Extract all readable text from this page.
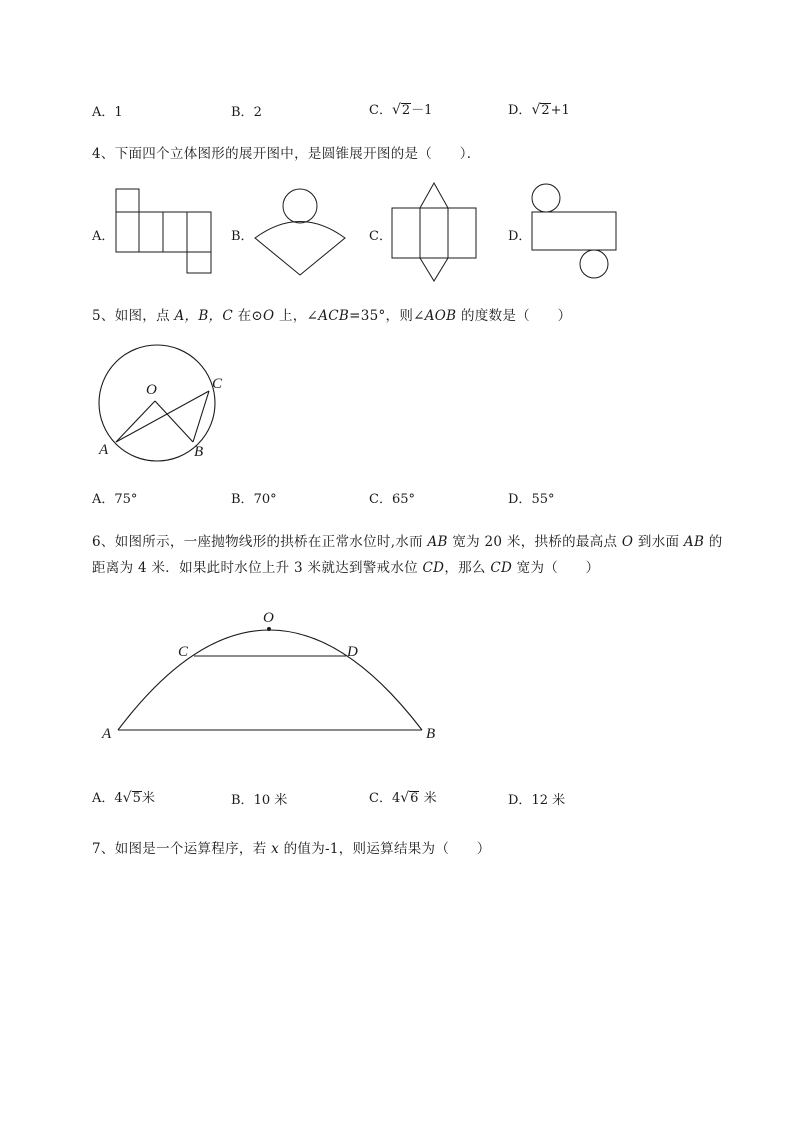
A．1	B．2	C．√2－1	D．√2+1
4、下面四个立体图形的展开图中，是圆锥展开图的是（　　）．
A．	B．	C．	D．
5、如图，点 A，B，C 在⊙O 上，∠ACB=35°，则∠AOB 的度数是（　　）
O	C
A	B
A．75°	B．70°	C．65°	D．55°
6、如图所示，一座抛物线形的拱桥在正常水位时,水而 AB 宽为 20 米，拱桥的最高点 O 到水面 AB 的
距离为 4 米．如果此时水位上升 3 米就达到警戒水位 CD，那么 CD 宽为（　　）
O
C	D
A	B
A．4√5米	B．10 米	C．4√6 米	D．12 米
7、如图是一个运算程序，若 x 的值为-1，则运算结果为（　　）
